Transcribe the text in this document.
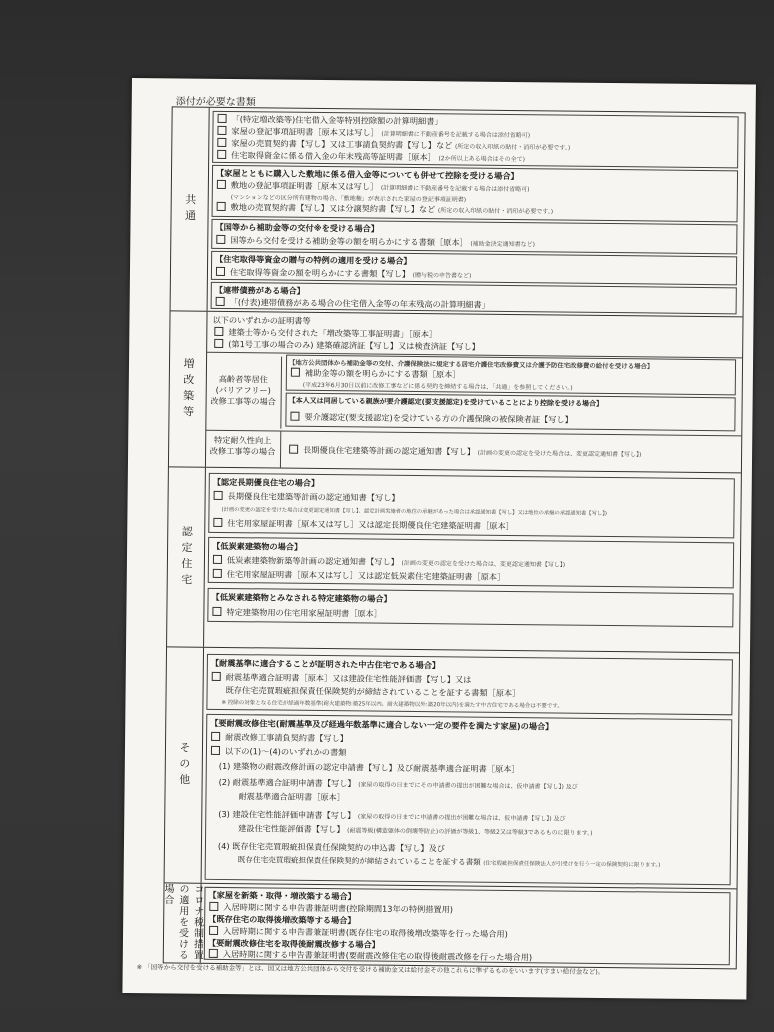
添付が必要な書類
共通
「(特定増改築等)住宅借入金等特別控除額の計算明細書」
家屋の登記事項証明書［原本又は写し］ (計算明細書に不動産番号を記載する場合は添付省略可)
家屋の売買契約書【写し】又は工事請負契約書【写し】など (所定の収入印紙の貼付・消印が必要です。)
住宅取得資金に係る借入金の年末残高等証明書［原本］ (2か所以上ある場合はその全て)
【家屋とともに購入した敷地に係る借入金等についても併せて控除を受ける場合】
敷地の登記事項証明書［原本又は写し］ (計算明細書に不動産番号を記載する場合は添付省略可)
(マンションなどの区分所有建物の場合、「敷地権」が表示された家屋の登記事項証明書)
敷地の売買契約書【写し】又は分譲契約書【写し】など (所定の収入印紙の貼付・消印が必要です。)
【国等から補助金等の交付※を受ける場合】
国等から交付を受ける補助金等の額を明らかにする書類［原本］ (補助金決定通知書など)
【住宅取得等資金の贈与の特例の適用を受ける場合】
住宅取得等資金の額を明らかにする書類【写し】 (贈与税の申告書など)
【連帯債務がある場合】
「(付表)連帯債務がある場合の住宅借入金等の年末残高の計算明細書」
増改築等
以下のいずれかの証明書等
建築士等から交付された「増改築等工事証明書」［原本］
(第1号工事の場合のみ) 建築確認済証【写し】又は検査済証【写し】
高齢者等居住
(バリアフリー)
改修工事等の場合
【地方公共団体から補助金等の交付、介護保険法に規定する居宅介護住宅改修費又は介護予防住宅改修費の給付を受ける場合】
補助金等の額を明らかにする書類［原本］
(平成23年6月30日以前に改修工事などに係る契約を締結する場合は、「共通」を参照してください。)
【本人又は同居している親族が要介護認定(要支援認定)を受けていることにより控除を受ける場合】
要介護認定(要支援認定)を受けている方の介護保険の被保険者証【写し】
特定耐久性向上
改修工事等の場合	長期優良住宅建築等計画の認定通知書【写し】 (計画の変更の認定を受けた場合は、変更認定通知書【写し】)
認定住宅
【認定長期優良住宅の場合】
長期優良住宅建築等計画の認定通知書【写し】
(計画の変更の認定を受けた場合は変更認定通知書【写し】、認定計画実施者の地位の承継があった場合は承認通知書【写し】又は地位の承継の承認通知書【写し】)
住宅用家屋証明書［原本又は写し］又は認定長期優良住宅建築証明書［原本］
【低炭素建築物の場合】
低炭素建築物新築等計画の認定通知書【写し】 (計画の変更の認定を受けた場合は、変更認定通知書【写し】)
住宅用家屋証明書［原本又は写し］又は認定低炭素住宅建築証明書［原本］
【低炭素建築物とみなされる特定建築物の場合】
特定建築物用の住宅用家屋証明書［原本］
その他
【耐震基準に適合することが証明された中古住宅である場合】
耐震基準適合証明書［原本］又は建設住宅性能評価書【写し】又は
既存住宅売買瑕疵担保責任保険契約が締結されていることを証する書類［原本］
※ 控除の対象となる住宅が経過年数基準(耐火建築物:築25年以内、耐火建築物以外:築20年以内)を満たす中古住宅である場合は不要です。
【要耐震改修住宅(耐震基準及び経過年数基準に適合しない一定の要件を満たす家屋)の場合】
耐震改修工事請負契約書【写し】
以下の(1)〜(4)のいずれかの書類
(1) 建築物の耐震改修計画の認定申請書【写し】及び耐震基準適合証明書［原本］
(2) 耐震基準適合証明申請書【写し】 (家屋の取得の日までにその申請書の提出が困難な場合は、仮申請書【写し】) 及び
耐震基準適合証明書［原本］
(3) 建設住宅性能評価申請書【写し】 (家屋の取得の日までに申請書の提出が困難な場合は、仮申請書【写し】) 及び
建設住宅性能評価書【写し】 (耐震等級(構造躯体の倒壊等防止)の評価が等級1、等級2又は等級3であるものに限ります。)
(4) 既存住宅売買瑕疵担保責任保険契約の申込書【写し】及び
既存住宅売買瑕疵担保責任保険契約が締結されていることを証する書類 (住宅瑕疵担保責任保険法人が引受けを行う一定の保険契約に限ります。)
コロナ税制措置の適用を受ける場合	【家屋を新築・取得・増改築する場合】
入居時期に関する申告書兼証明書(控除期間13年の特例措置用)
【既存住宅の取得後増改築等する場合】
入居時期に関する申告書兼証明書(既存住宅の取得後増改築等を行った場合用)
【要耐震改修住宅を取得後耐震改修する場合】
入居時期に関する申告書兼証明書(要耐震改修住宅の取得後耐震改修を行った場合用)
※ 「国等から交付を受ける補助金等」とは、国又は地方公共団体から交付を受ける補助金又は給付金その他これらに準ずるものをいいます(すまい給付金など)。
